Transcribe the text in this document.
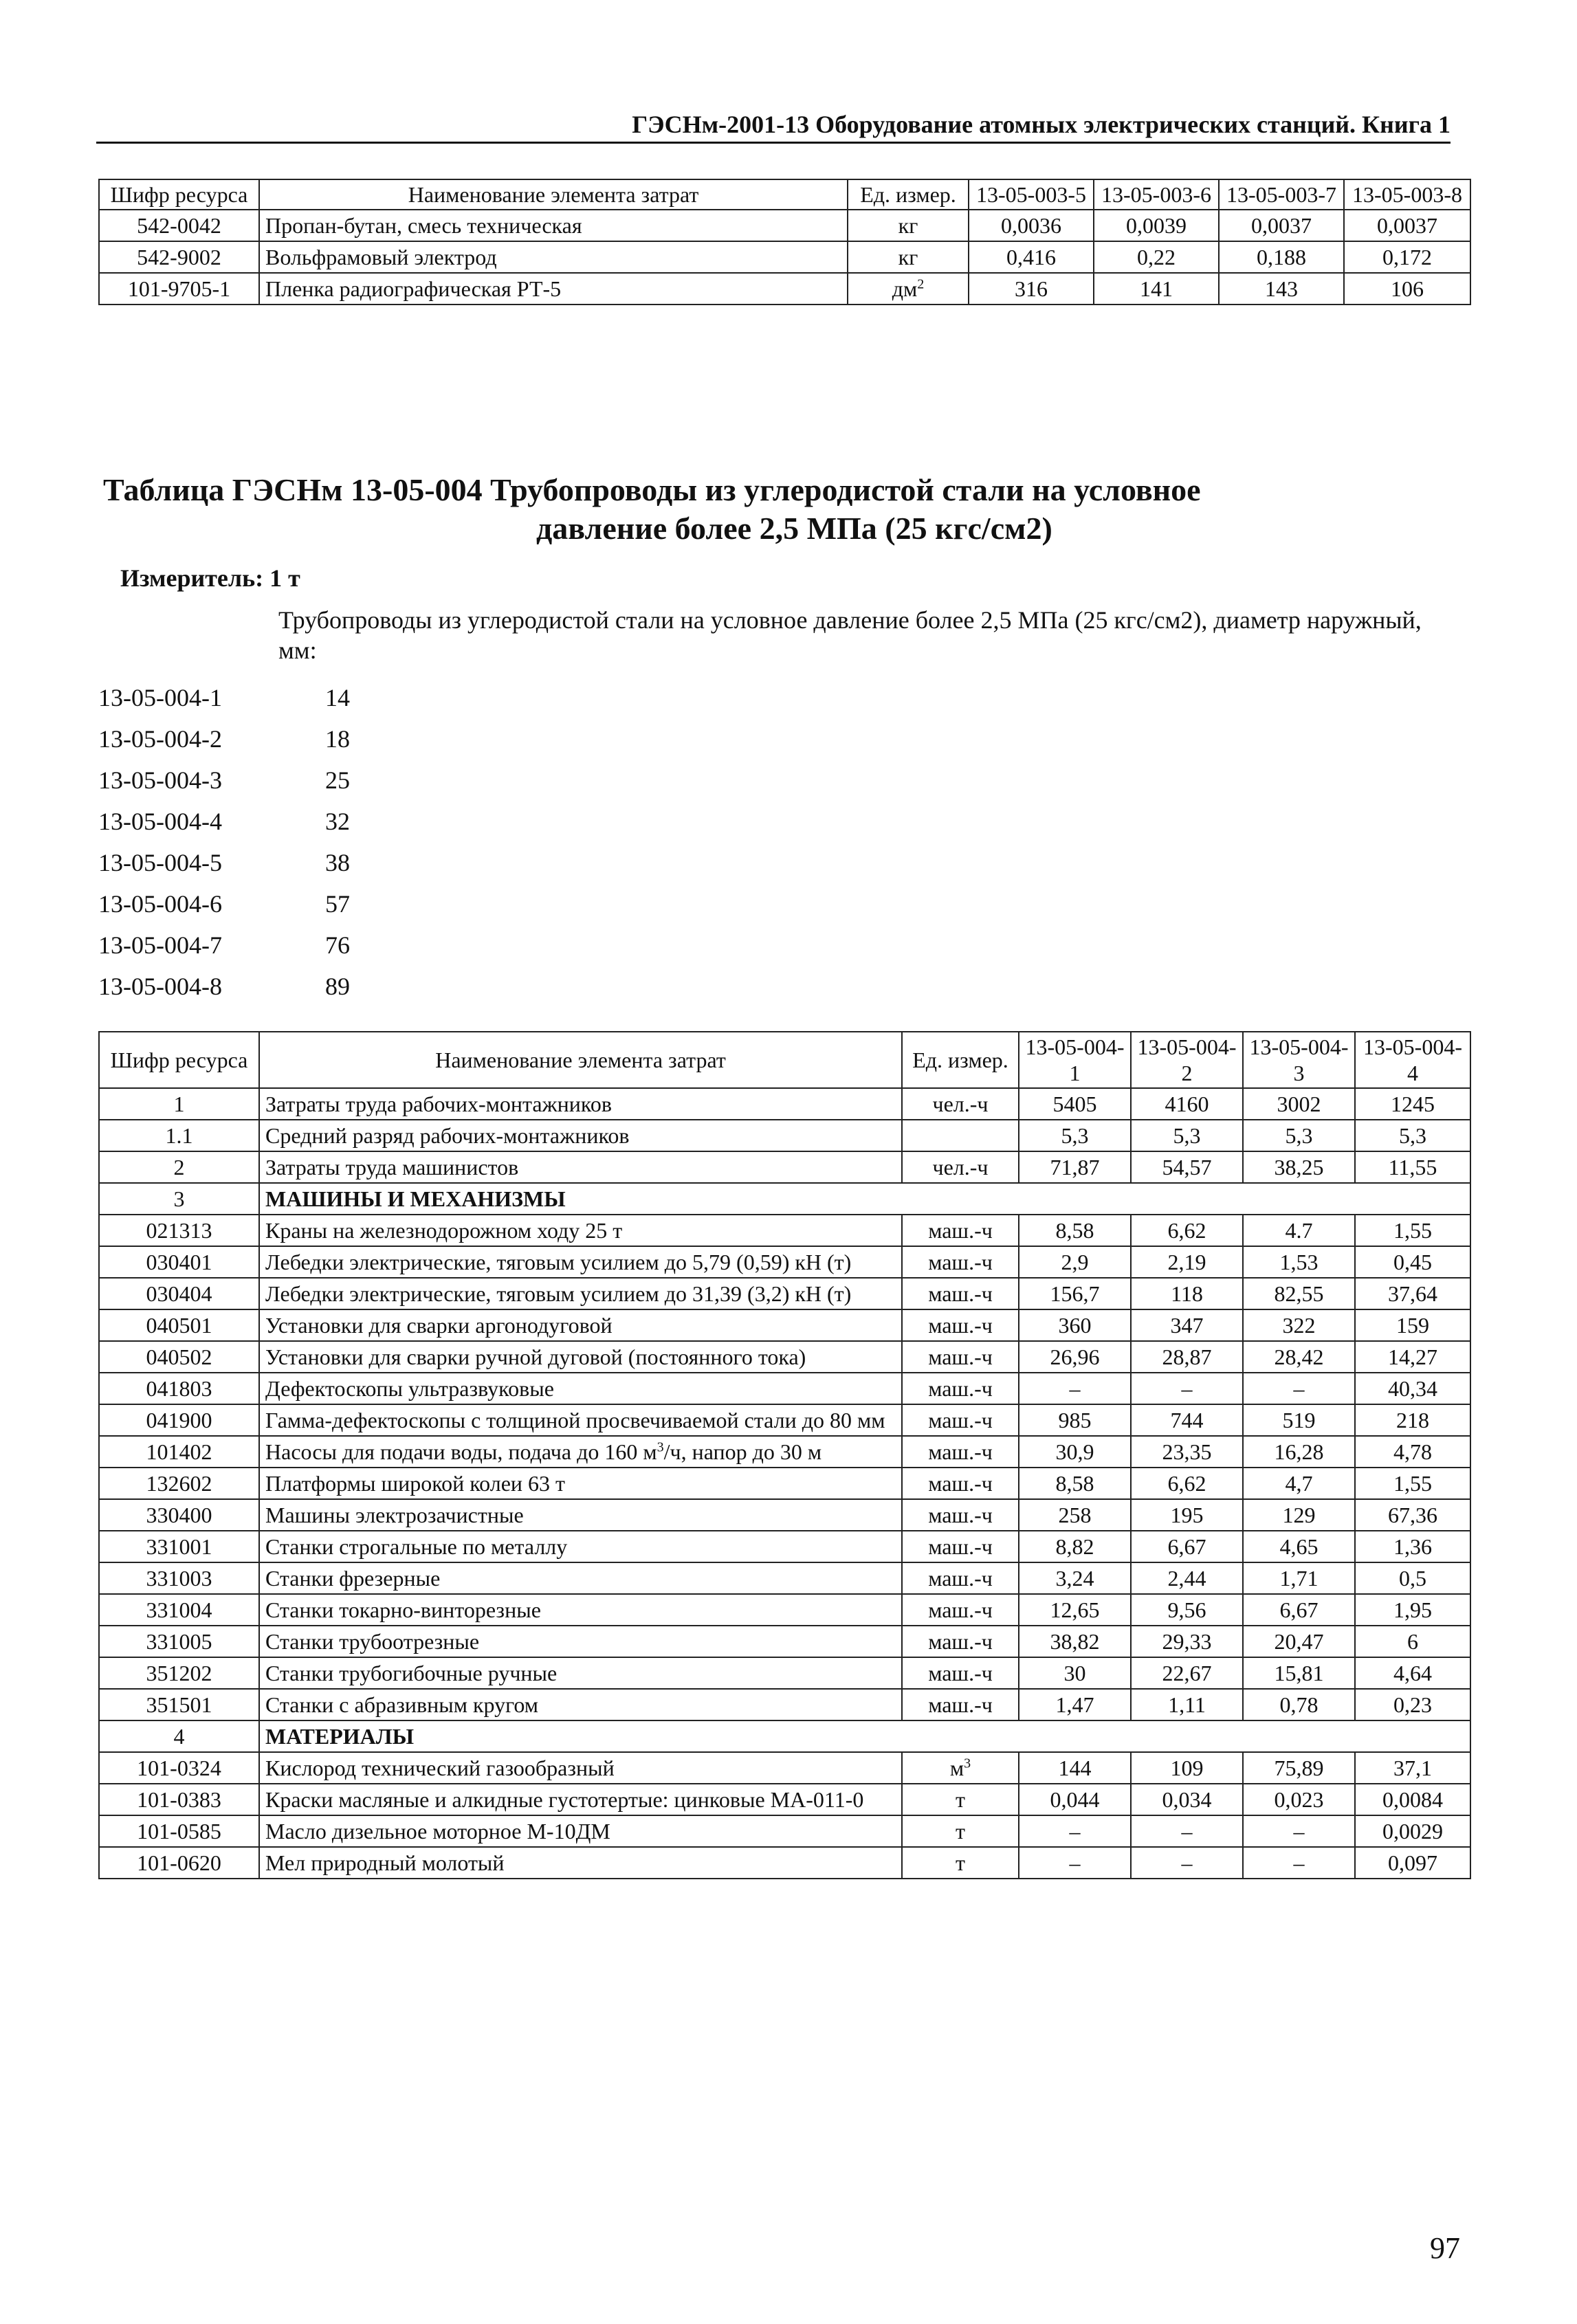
ГЭСНм-2001-13 Оборудование атомных электрических станций. Книга 1
Шифр ресурса	Наименование элемента затрат	Ед. измер.	13-05-003-5	13-05-003-6	13-05-003-7	13-05-003-8
542-0042	Пропан-бутан, смесь техническая	кг	0,0036	0,0039	0,0037	0,0037
542-9002	Вольфрамовый электрод	кг	0,416	0,22	0,188	0,172
101-9705-1	Пленка радиографическая РТ-5	$дм^2$	316	141	143	106
Таблица ГЭСНм 13-05-004 Трубопроводы из углеродистой стали на условное
давление более 2,5 МПа (25 кгс/см2)
Измеритель: 1 т
Трубопроводы из углеродистой стали на условное давление более 2,5 МПа (25 кгс/см2), диаметр наружный, мм:
13-05-004-1	14
13-05-004-2	18
13-05-004-3	25
13-05-004-4	32
13-05-004-5	38
13-05-004-6	57
13-05-004-7	76
13-05-004-8	89
Шифр ресурса	Наименование элемента затрат	Ед. измер.	13-05-004-1	13-05-004-2	13-05-004-3	13-05-004-4
1	Затраты труда рабочих-монтажников	чел.-ч	5405	4160	3002	1245
1.1	Средний разряд рабочих-монтажников		5,3	5,3	5,3	5,3
2	Затраты труда машинистов	чел.-ч	71,87	54,57	38,25	11,55
3	МАШИНЫ И МЕХАНИЗМЫ					
021313	Краны на железнодорожном ходу 25 т	маш.-ч	8,58	6,62	4.7	1,55
030401	Лебедки электрические, тяговым усилием до 5,79 (0,59) кН (т)	маш.-ч	2,9	2,19	1,53	0,45
030404	Лебедки электрические, тяговым усилием до 31,39 (3,2) кН (т)	маш.-ч	156,7	118	82,55	37,64
040501	Установки для сварки аргонодуговой	маш.-ч	360	347	322	159
040502	Установки для сварки ручной дуговой (постоянного тока)	маш.-ч	26,96	28,87	28,42	14,27
041803	Дефектоскопы ультразвуковые	маш.-ч	–	–	–	40,34
041900	Гамма-дефектоскопы с толщиной просвечиваемой стали до 80 мм	маш.-ч	985	744	519	218
101402	Насосы для подачи воды, подача до 160 $м^3/ч$, напор до 30 м	маш.-ч	30,9	23,35	16,28	4,78
132602	Платформы широкой колеи 63 т	маш.-ч	8,58	6,62	4,7	1,55
330400	Машины электрозачистные	маш.-ч	258	195	129	67,36
331001	Станки строгальные по металлу	маш.-ч	8,82	6,67	4,65	1,36
331003	Станки фрезерные	маш.-ч	3,24	2,44	1,71	0,5
331004	Станки токарно-винторезные	маш.-ч	12,65	9,56	6,67	1,95
331005	Станки трубоотрезные	маш.-ч	38,82	29,33	20,47	6
351202	Станки трубогибочные ручные	маш.-ч	30	22,67	15,81	4,64
351501	Станки с абразивным кругом	маш.-ч	1,47	1,11	0,78	0,23
4	МАТЕРИАЛЫ					
101-0324	Кислород технический газообразный	$м^3$	144	109	75,89	37,1
101-0383	Краски масляные и алкидные густотертые: цинковые МА-011-0	т	0,044	0,034	0,023	0,0084
101-0585	Масло дизельное моторное М-10ДМ	т	–	–	–	0,0029
101-0620	Мел природный молотый	т	–	–	–	0,097
97
